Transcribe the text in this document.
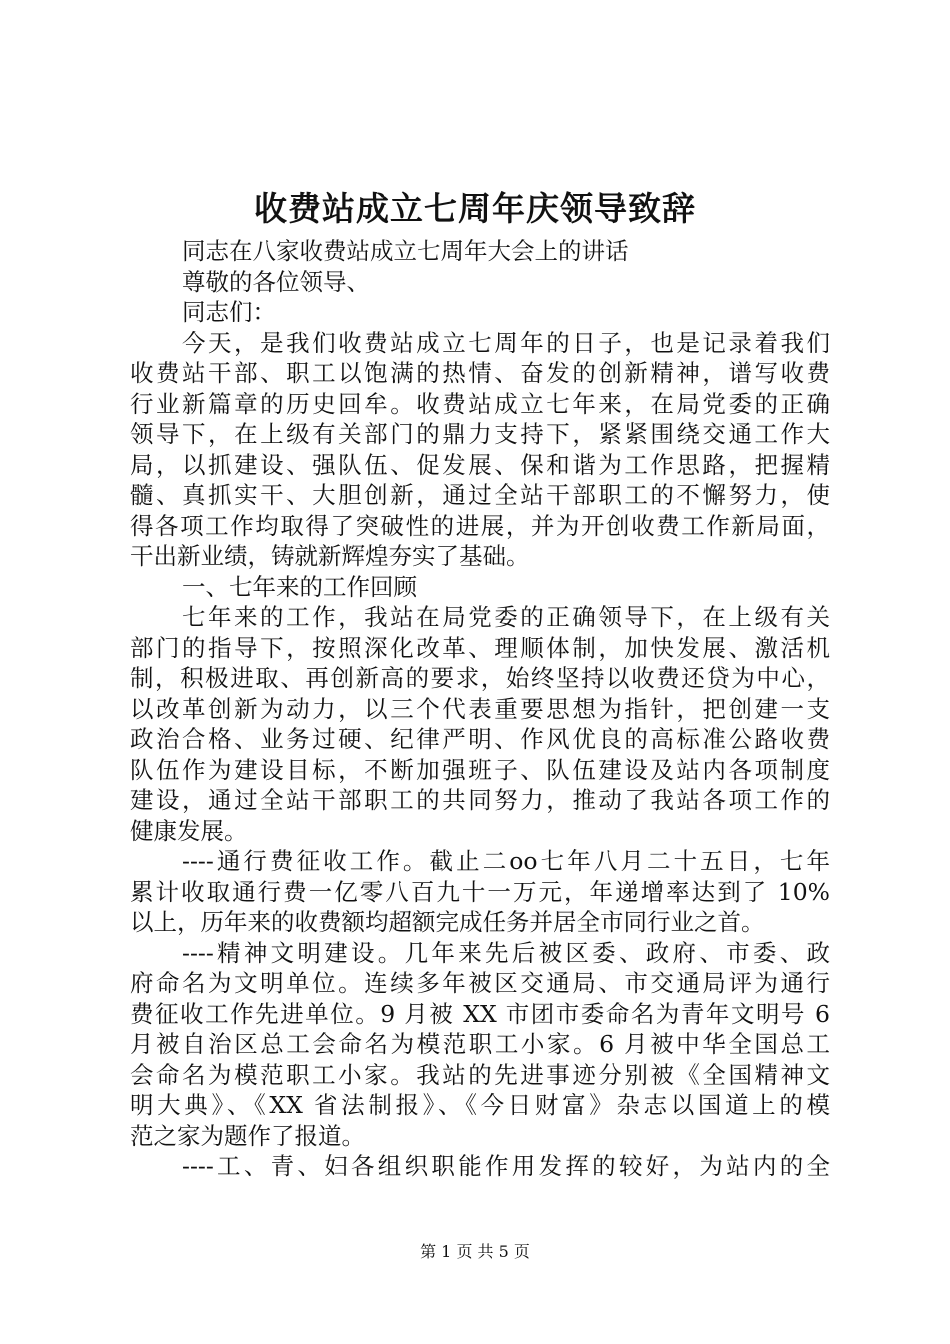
收费站成立七周年庆领导致辞
同志在八家收费站成立七周年大会上的讲话
尊敬的各位领导、
同志们：
今天，是我们收费站成立七周年的日子，也是记录着我们
收费站干部、职工以饱满的热情、奋发的创新精神，谱写收费
行业新篇章的历史回牟。收费站成立七年来，在局党委的正确
领导下，在上级有关部门的鼎力支持下，紧紧围绕交通工作大
局，以抓建设、强队伍、促发展、保和谐为工作思路，把握精
髓、真抓实干、大胆创新，通过全站干部职工的不懈努力，使
得各项工作均取得了突破性的进展，并为开创收费工作新局面，
干出新业绩，铸就新辉煌夯实了基础。
一、七年来的工作回顾
七年来的工作，我站在局党委的正确领导下，在上级有关
部门的指导下，按照深化改革、理顺体制，加快发展、激活机
制，积极进取、再创新高的要求，始终坚持以收费还贷为中心，
以改革创新为动力，以三个代表重要思想为指针，把创建一支
政治合格、业务过硬、纪律严明、作风优良的高标准公路收费
队伍作为建设目标，不断加强班子、队伍建设及站内各项制度
建设，通过全站干部职工的共同努力，推动了我站各项工作的
健康发展。
----通行费征收工作。截止二oo七年八月二十五日，七年
累计收取通行费一亿零八百九十一万元，年递增率达到了 10%
以上，历年来的收费额均超额完成任务并居全市同行业之首。
----精神文明建设。几年来先后被区委、政府、市委、政
府命名为文明单位。连续多年被区交通局、市交通局评为通行
费征收工作先进单位。9 月被 XX 市团市委命名为青年文明号 6
月被自治区总工会命名为模范职工小家。6 月被中华全国总工
会命名为模范职工小家。我站的先进事迹分别被《全国精神文
明大典》、《XX 省法制报》、《今日财富》杂志以国道上的模
范之家为题作了报道。
----工、青、妇各组织职能作用发挥的较好，为站内的全
第 1 页 共 5 页
